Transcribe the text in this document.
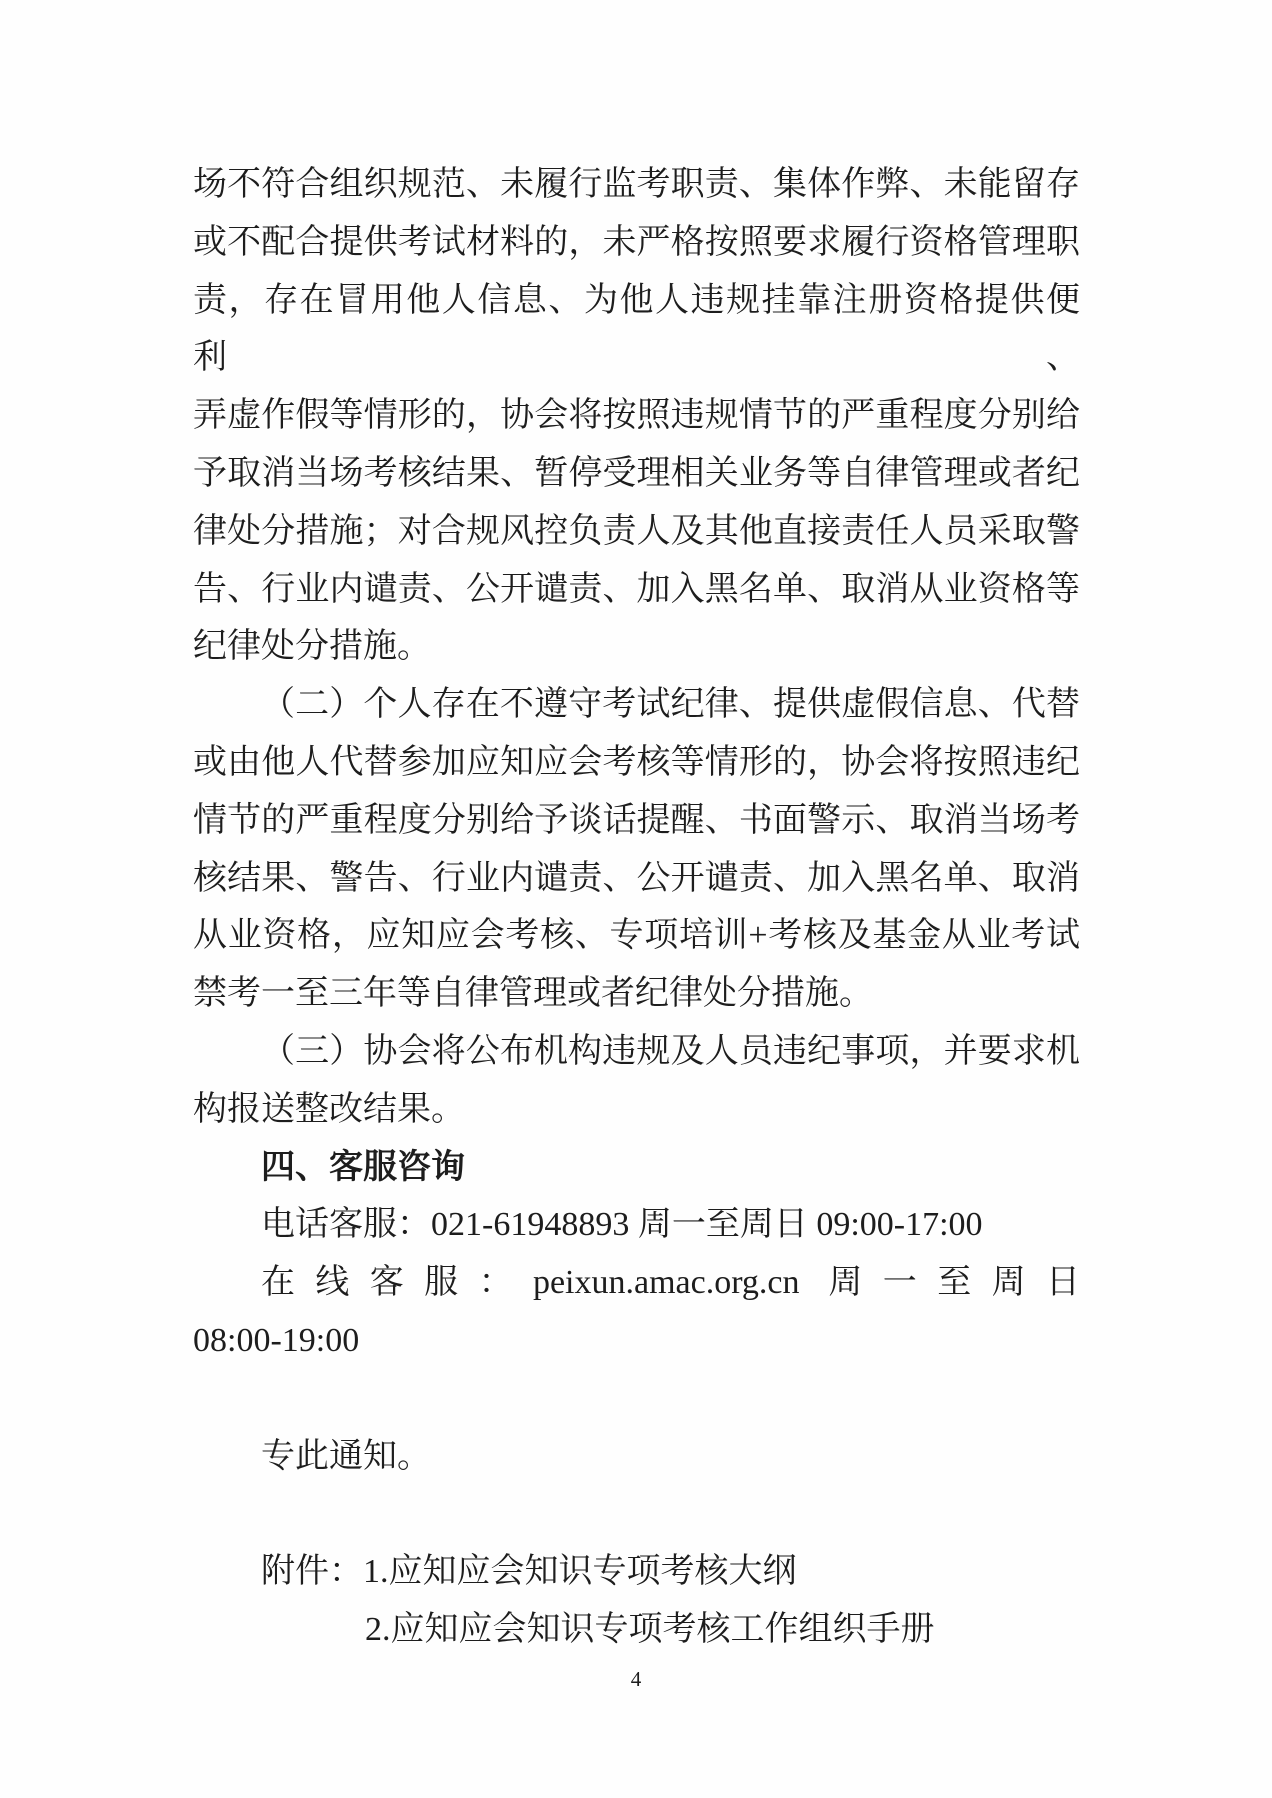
场不符合组织规范、未履行监考职责、集体作弊、未能留存
或不配合提供考试材料的，未严格按照要求履行资格管理职
责，存在冒用他人信息、为他人违规挂靠注册资格提供便利、
弄虚作假等情形的，协会将按照违规情节的严重程度分别给
予取消当场考核结果、暂停受理相关业务等自律管理或者纪
律处分措施；对合规风控负责人及其他直接责任人员采取警
告、行业内谴责、公开谴责、加入黑名单、取消从业资格等
纪律处分措施。
（二）个人存在不遵守考试纪律、提供虚假信息、代替
或由他人代替参加应知应会考核等情形的，协会将按照违纪
情节的严重程度分别给予谈话提醒、书面警示、取消当场考
核结果、警告、行业内谴责、公开谴责、加入黑名单、取消
从业资格，应知应会考核、专项培训+考核及基金从业考试
禁考一至三年等自律管理或者纪律处分措施。
（三）协会将公布机构违规及人员违纪事项，并要求机
构报送整改结果。
四、客服咨询
电话客服：021-61948893 周一至周日 09:00-17:00
在线客服：peixun.amac.org.cn 周一至周日
08:00-19:00
专此通知。
附件：1.应知应会知识专项考核大纲
2.应知应会知识专项考核工作组织手册
4
